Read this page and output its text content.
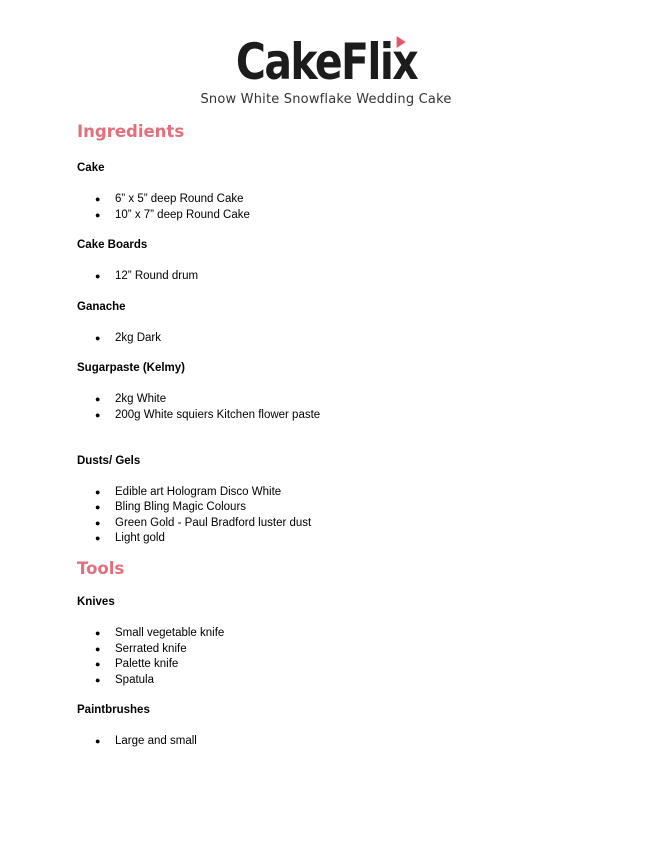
CakeFlix
Snow White Snowflake Wedding Cake
Ingredients
Cake
● 6” x 5” deep Round Cake
● 10” x 7” deep Round Cake
Cake Boards
● 12” Round drum
Ganache
● 2kg Dark
Sugarpaste (Kelmy)
● 2kg White
● 200g White squiers Kitchen flower paste
Dusts/ Gels
● Edible art Hologram Disco White
● Bling Bling Magic Colours
● Green Gold - Paul Bradford luster dust
● Light gold
Tools
Knives
● Small vegetable knife
● Serrated knife
● Palette knife
● Spatula
Paintbrushes
● Large and small
